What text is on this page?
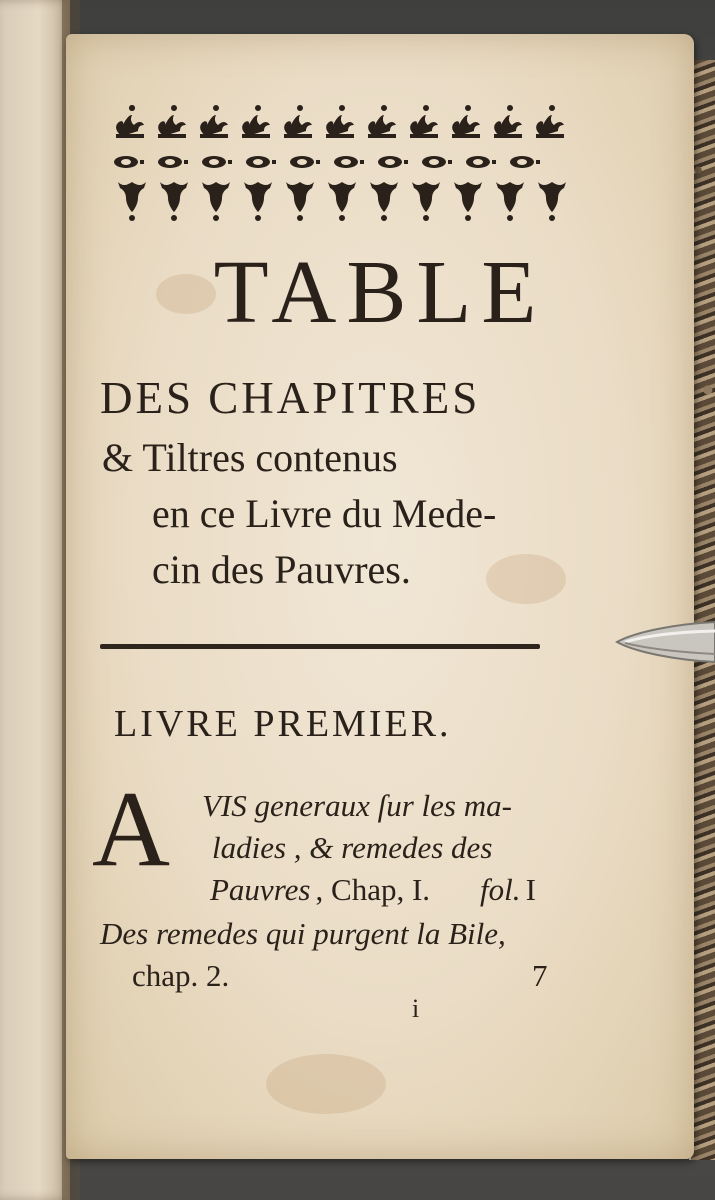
TABLE
DES CHAPITRES
& Tiltres contenus
en ce Livre du Mede-
cin des Pauvres.
LIVRE PREMIER.
A VIS generaux ſur les ma-
ladies , & remedes des
Pauvres , Chap, I. fol. I
Des remedes qui purgent la Bile,
chap. 2.	7
i
